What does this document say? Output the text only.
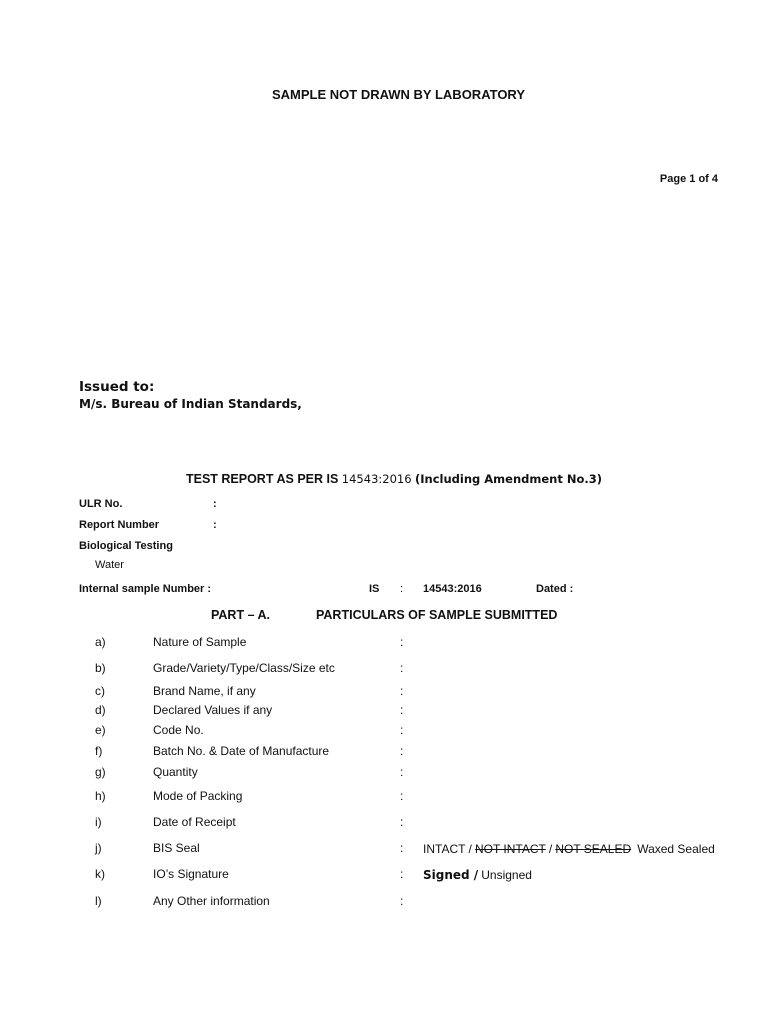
SAMPLE NOT DRAWN BY LABORATORY
Page 1 of 4
Issued to:
M/s. Bureau of Indian Standards,
TEST REPORT AS PER IS 14543:2016 (Including Amendment No.3)
ULR No.	:
Report Number	:
Biological Testing
Water
Internal sample Number :	IS : 14543:2016	Dated :
PART – A.	PARTICULARS OF SAMPLE SUBMITTED
a)	Nature of Sample	:
b)	Grade/Variety/Type/Class/Size etc	:
c)	Brand Name, if any	:
d)	Declared Values if any	:
e)	Code No.	:
f)	Batch No. & Date of Manufacture	:
g)	Quantity	:
h)	Mode of Packing	:
i)	Date of Receipt	:
j)	BIS Seal	: INTACT / NOT INTACT / NOT SEALED Waxed Sealed
k)	IO’s Signature	: Signed / Unsigned
l)	Any Other information	:
